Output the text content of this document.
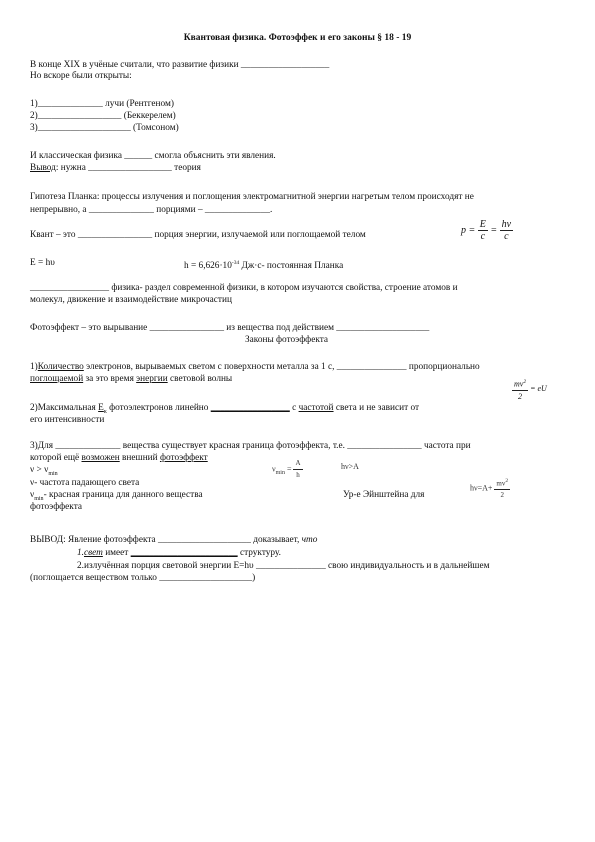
Квантовая физика. Фотоэффек и его законы § 18 - 19
В конце XIX в учёные считали, что развитие физики ___________________
Но вскоре были открыты:
1)______________ лучи (Рентгеном)
2)__________________ (Беккерелем)
3)____________________ (Томсоном)
И классическая физика ______ смогла объяснить эти явления.
Вывод: нужна __________________ теория
Гипотеза Планка: процессы излучения и поглощения электромагнитной энергии нагретым телом происходят не
непрерывно, а ______________ порциями – ______________.
Квант – это ________________ порция энергии, излучаемой или поглощаемой телом	$p = \frac{E}{c} = \frac{h\nu}{c}$
E = hυ	$h = 6,626\cdot 10^{-34}$ Дж·с- постоянная Планка
_________________ физика- раздел современной физики, в котором изучаются свойства, строение атомов и
молекул, движение и взаимодействие микрочастиц
Фотоэффект – это вырывание ________________ из вещества под действием ____________________
Законы фотоэффекта
1)Количество электронов, вырываемых светом с поверхности металла за 1 с, _______________ пропорционально
поглощаемой за это время энергии световой волны	$\frac{mv^2}{2}$ = eU
2)Максимальная $Е_к$ фотоэлектронов линейно _________________ с частотой света и не зависит от
его интенсивности
3)Для ______________ вещества существует красная граница фотоэффекта, т.е. ________________ частота при
которой ещё возможен внешний фотоэффект
$\nu > \nu_{min}$
ν- частота падающего света
$\nu_{min}-$ красная граница для данного вещества
фотоэффекта
Ур-е Эйнштейна для
$\nu_{min} = \frac{A}{h}$	hν>A
$h\nu=A+ \frac{mv^2}{2}$
ВЫВОД: Явление фотоэффекта ____________________ доказывает, что
1.свет имеет _______________________ структуру.
2.излучённая порция световой энергии E=hυ _______________ свою индивидуальность и в дальнейшем
(поглощается веществом только ____________________)
